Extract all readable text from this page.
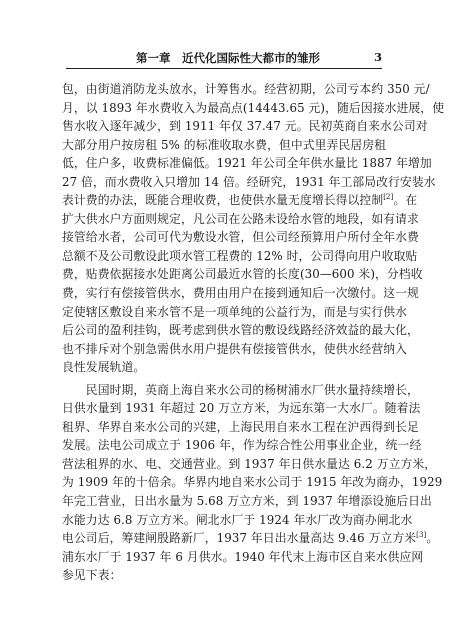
第一章　近代化国际性大都市的雏形	3
包，由街道消防龙头放水，计筹售水。经营初期，公司亏本约 350 元/
月，以 1893 年水费收入为最高点(14443.65 元)，随后因接水进展，使
售水收入逐年减少，到 1911 年仅 37.47 元。民初英商自来水公司对
大部分用户按房租 5% 的标准收取水费，但中式里弄民居房租
低，住户多，收费标准偏低。1921 年公司全年供水量比 1887 年增加
27 倍，而水费收入只增加 14 倍。经研究，1931 年工部局改行安装水
表计费的办法，既能合理收费，也使供水量无度增长得以控制[2]。在
扩大供水户方面则规定，凡公司在公路未设给水管的地段，如有请求
接管给水者，公司可代为敷设水管，但公司经预算用户所付全年水费
总额不及公司敷设此项水管工程费的 12% 时，公司得向用户收取贴
费，贴费依据接水处距离公司最近水管的长度(30—600 米)，分档收
费，实行有偿接管供水，费用由用户在接到通知后一次缴付。这一规
定使辖区敷设自来水管不是一项单纯的公益行为，而是与实行供水
后公司的盈利挂钩，既考虑到供水管的敷设线路经济效益的最大化，
也不排斥对个别急需供水用户提供有偿接管供水，使供水经营纳入
良性发展轨道。
　　民国时期，英商上海自来水公司的杨树浦水厂供水量持续增长，
日供水量到 1931 年超过 20 万立方米，为远东第一大水厂。随着法
租界、华界自来水公司的兴建，上海民用自来水工程在沪西得到长足
发展。法电公司成立于 1906 年，作为综合性公用事业企业，统一经
营法租界的水、电、交通营业。到 1937 年日供水量达 6.2 万立方米，
为 1909 年的十倍余。华界内地自来水公司于 1915 年改为商办，1929
年完工营业，日出水量为 5.68 万立方米，到 1937 年增添设施后日出
水能力达 6.8 万立方米。闸北水厂于 1924 年水厂改为商办闸北水
电公司后，筹建闸殷路新厂，1937 年日出水量高达 9.46 万立方米[3]。
浦东水厂于 1937 年 6 月供水。1940 年代末上海市区自来水供应网
参见下表：
